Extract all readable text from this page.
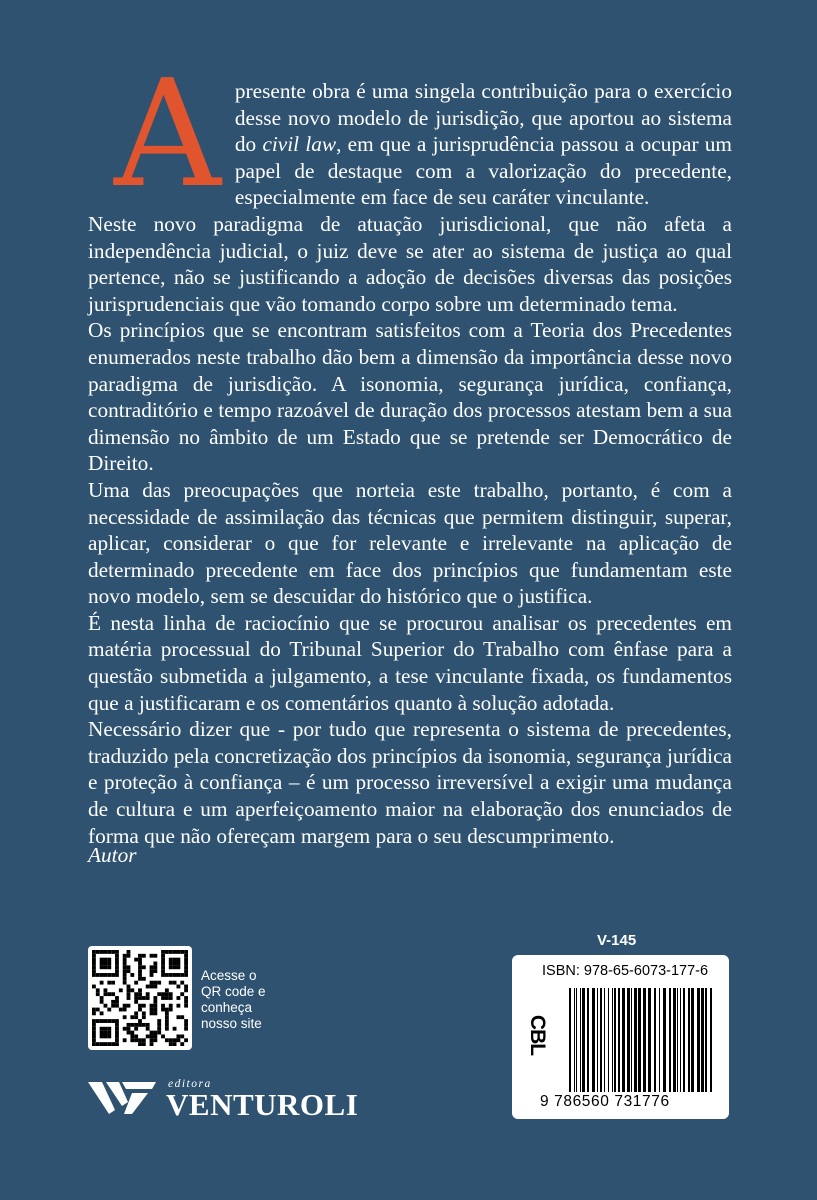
Apresente obra é uma singela contribuição para o exercício desse novo modelo de jurisdição, que aportou ao sistema do civil law, em que a jurisprudência passou a ocupar um papel de destaque com a valorização do precedente, especialmente em face de seu caráter vinculante.

Neste novo paradigma de atuação jurisdicional, que não afeta a independência judicial, o juiz deve se ater ao sistema de justiça ao qual pertence, não se justificando a adoção de decisões diversas das posições jurisprudenciais que vão tomando corpo sobre um determinado tema.

Os princípios que se encontram satisfeitos com a Teoria dos Precedentes enumerados neste trabalho dão bem a dimensão da importância desse novo paradigma de jurisdição. A isonomia, segurança jurídica, confiança, contraditório e tempo razoável de duração dos processos atestam bem a sua dimensão no âmbito de um Estado que se pretende ser Democrático de Direito.

Uma das preocupações que norteia este trabalho, portanto, é com a necessidade de assimilação das técnicas que permitem distinguir, superar, aplicar, considerar o que for relevante e irrelevante na aplicação de determinado precedente em face dos princípios que fundamentam este novo modelo, sem se descuidar do histórico que o justifica.

É nesta linha de raciocínio que se procurou analisar os precedentes em matéria processual do Tribunal Superior do Trabalho com ênfase para a questão submetida a julgamento, a tese vinculante fixada, os fundamentos que a justificaram e os comentários quanto à solução adotada.

Necessário dizer que - por tudo que representa o sistema de precedentes, traduzido pela concretização dos princípios da isonomia, segurança jurídica e proteção à confiança – é um processo irreversível a exigir uma mudança de cultura e um aperfeiçoamento maior na elaboração dos enunciados de forma que não ofereçam margem para o seu descumprimento.

Autor
Acesse o
QR code e
conheça
nosso site
editora
VENTUROLI
V-145
ISBN: 978-65-6073-177-6
CBL
9 786560 731776
